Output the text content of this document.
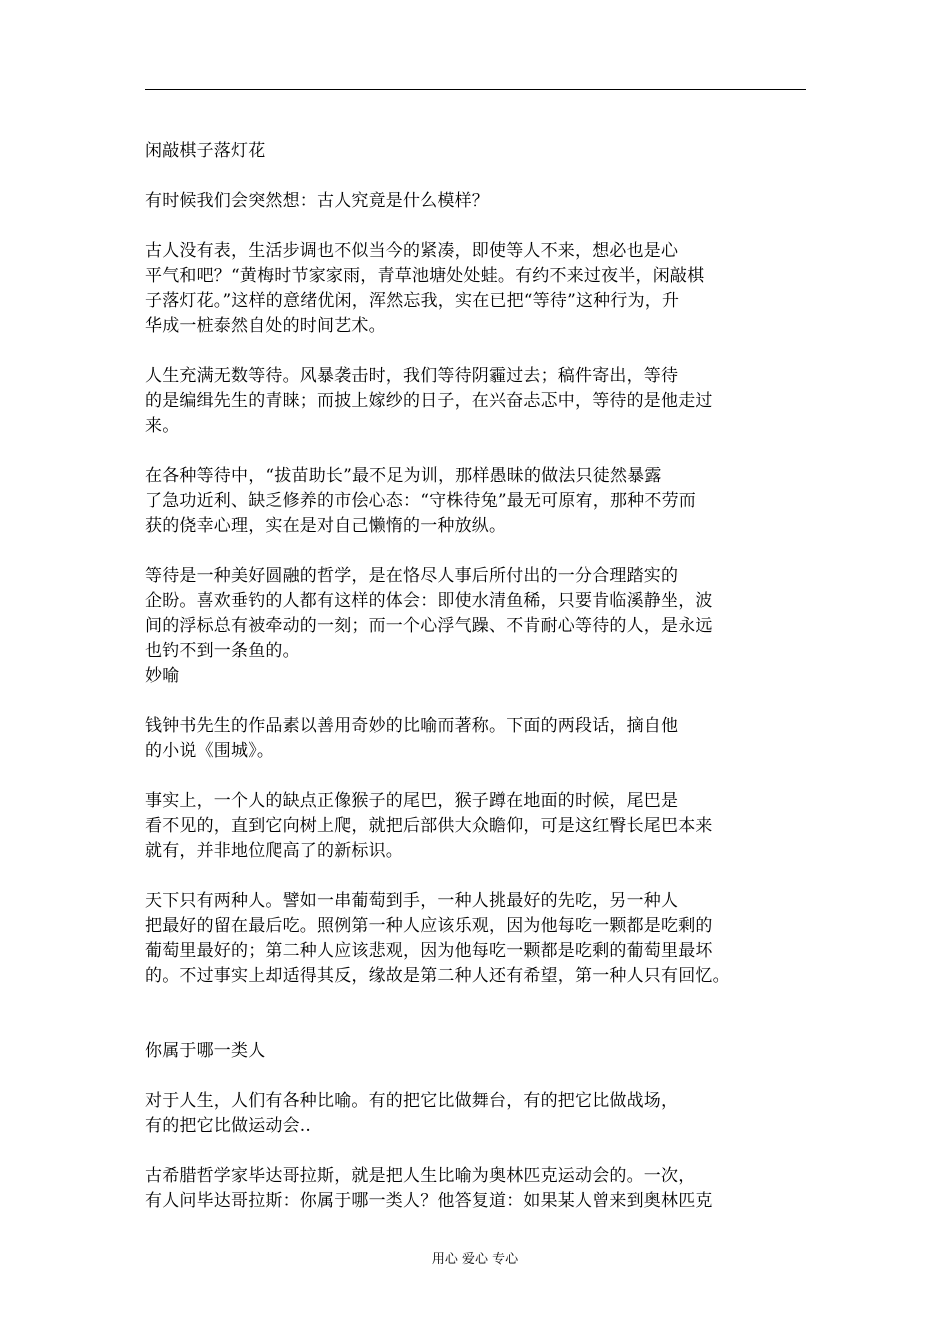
闲敲棋子落灯花
有时候我们会突然想：古人究竟是什么模样？
古人没有表，生活步调也不似当今的紧凑，即使等人不来，想必也是心
平气和吧？“黄梅时节家家雨，青草池塘处处蛙。有约不来过夜半，闲敲棋
子落灯花。”这样的意绪优闲，浑然忘我，实在已把“等待”这种行为，升
华成一桩泰然自处的时间艺术。
人生充满无数等待。风暴袭击时，我们等待阴霾过去；稿件寄出，等待
的是编缉先生的青睐；而披上嫁纱的日子，在兴奋忐忑中，等待的是他走过
来。
在各种等待中，“拔苗助长”最不足为训，那样愚昧的做法只徒然暴露
了急功近利、缺乏修养的市侩心态：“守株待兔”最无可原宥，那种不劳而
获的侥幸心理，实在是对自己懒惰的一种放纵。
等待是一种美好圆融的哲学，是在恪尽人事后所付出的一分合理踏实的
企盼。喜欢垂钓的人都有这样的体会：即使水清鱼稀，只要肯临溪静坐，波
间的浮标总有被牵动的一刻；而一个心浮气躁、不肯耐心等待的人，是永远
也钓不到一条鱼的。
妙喻
钱钟书先生的作品素以善用奇妙的比喻而著称。下面的两段话，摘自他
的小说《围城》。
事实上，一个人的缺点正像猴子的尾巴，猴子蹲在地面的时候，尾巴是
看不见的，直到它向树上爬，就把后部供大众瞻仰，可是这红臀长尾巴本来
就有，并非地位爬高了的新标识。
天下只有两种人。譬如一串葡萄到手，一种人挑最好的先吃，另一种人
把最好的留在最后吃。照例第一种人应该乐观，因为他每吃一颗都是吃剩的
葡萄里最好的；第二种人应该悲观，因为他每吃一颗都是吃剩的葡萄里最坏
的。不过事实上却适得其反，缘故是第二种人还有希望，第一种人只有回忆。
你属于哪一类人
对于人生，人们有各种比喻。有的把它比做舞台，有的把它比做战场，
有的把它比做运动会..
古希腊哲学家毕达哥拉斯，就是把人生比喻为奥林匹克运动会的。一次，
有人问毕达哥拉斯：你属于哪一类人？他答复道：如果某人曾来到奥林匹克
用心 爱心 专心
